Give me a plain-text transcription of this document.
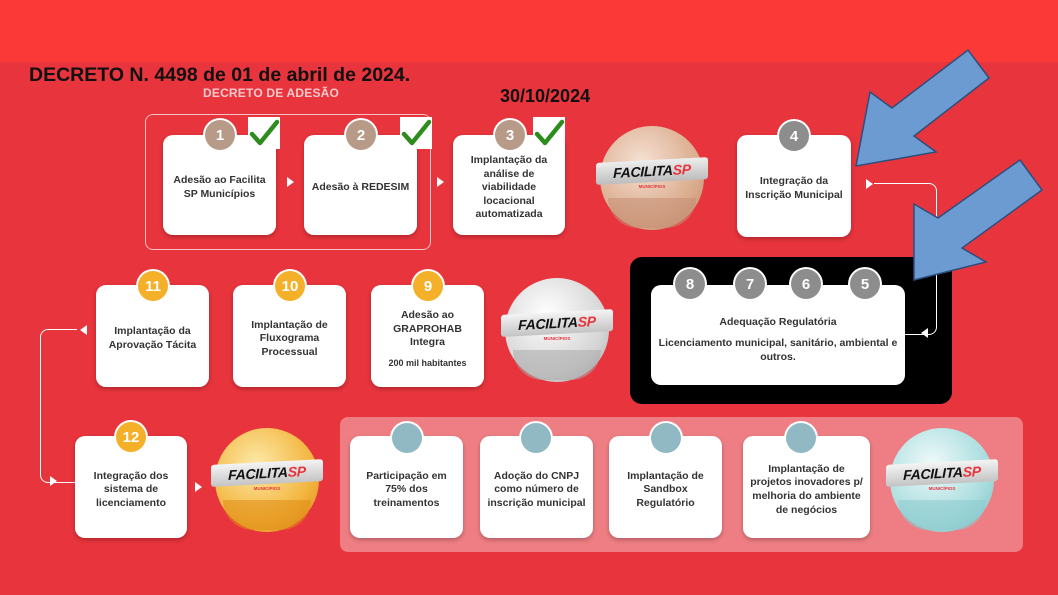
DECRETO N. 4498 de 01 de abril de 2024.
DECRETO DE ADESÃO	30/10/2024
Adesão ao Facilita SP Municípios
1
Adesão à REDESIM
2
Implantação da análise de viabilidade locacional automatizada
3
FACILITASP
MUNICÍPIOS	Integração da Inscrição Municipal
4
Adequação Regulatória
Licenciamento municipal, sanitário, ambiental e outros.
8	7	6	5
FACILITASP
MUNICÍPIOS
Adesão ao GRAPROHAB Integra
200 mil habitantes
9
Implantação de Fluxograma Processual
10
Implantação da Aprovação Tácita
11
Integração dos sistema de licenciamento
12
FACILITASP
MUNICÍPIOS
Participação em 75% dos treinamentos
Adoção do CNPJ como número de inscrição municipal
Implantação de Sandbox Regulatório
Implantação de projetos inovadores p/ melhoria do ambiente de negócios
FACILITASP
MUNICÍPIOS
